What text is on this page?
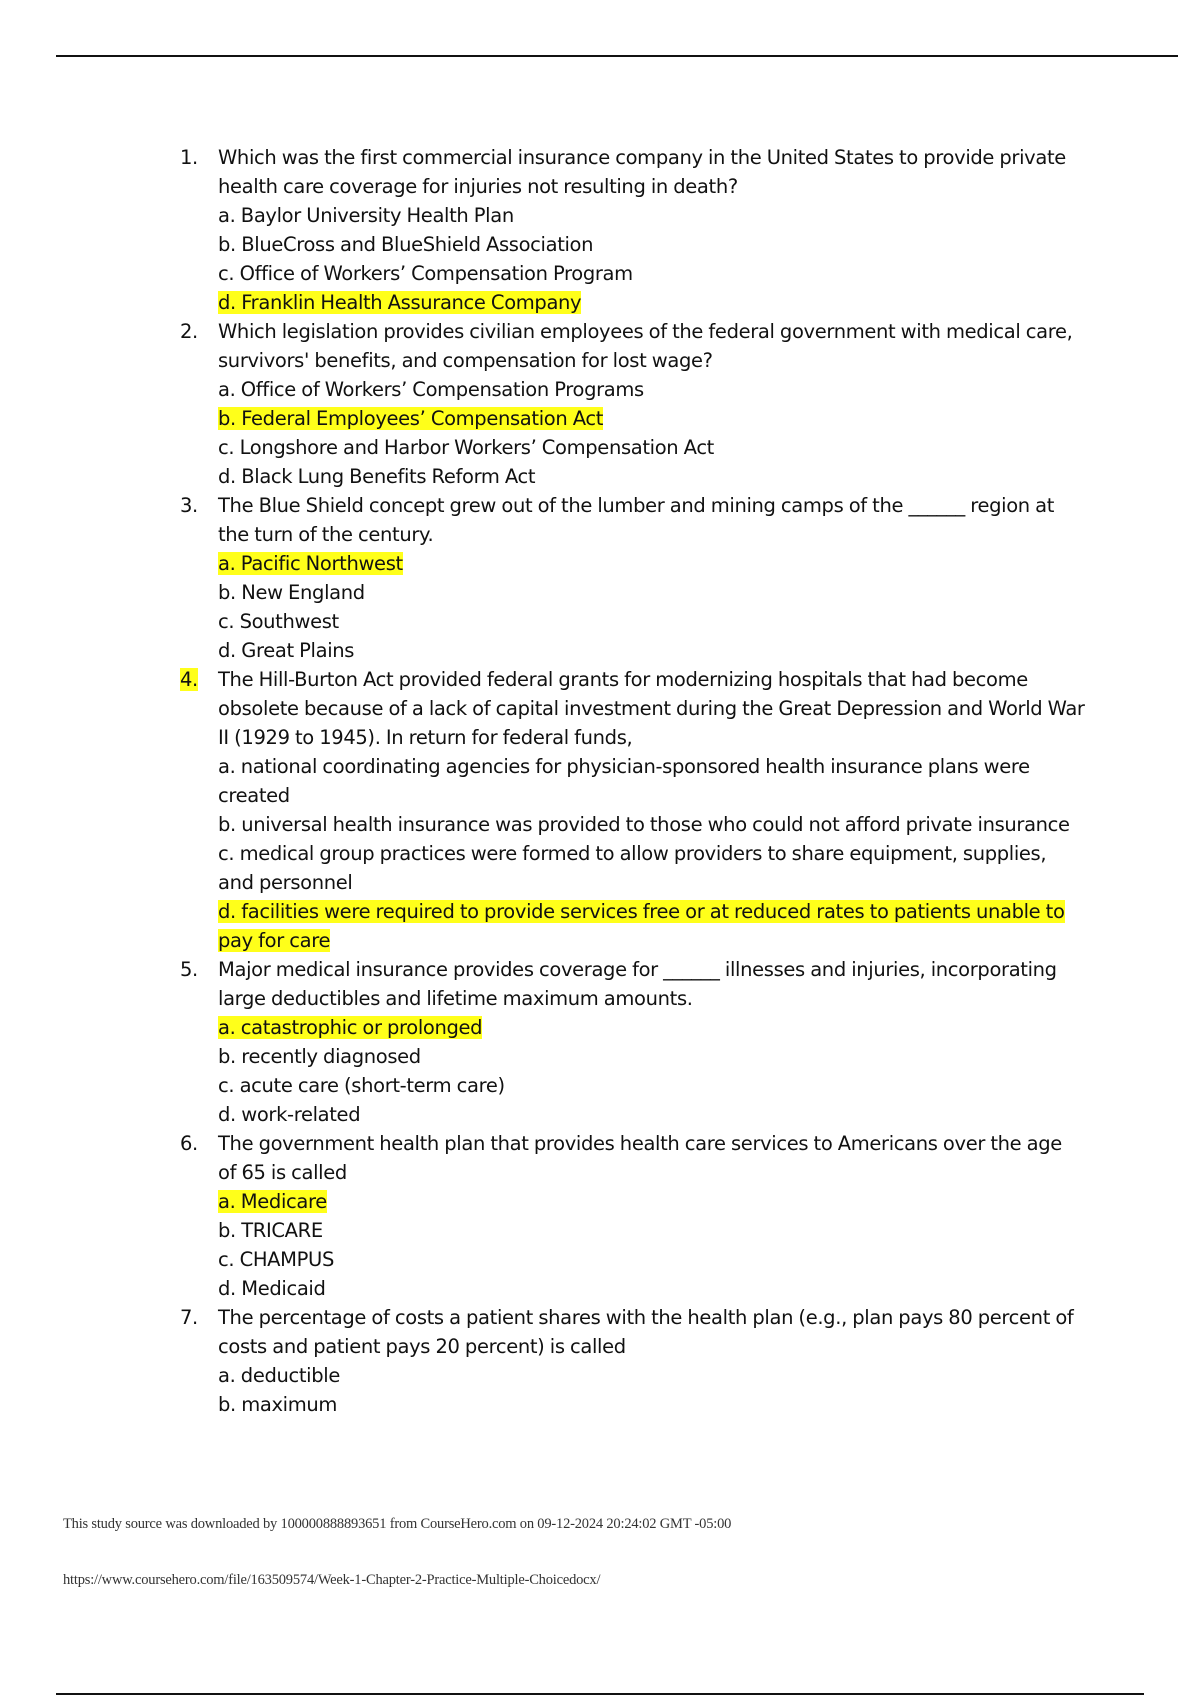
1.	Which was the first commercial insurance company in the United States to provide private health care coverage for injuries not resulting in death?
a. Baylor University Health Plan
b. BlueCross and BlueShield Association
c. Office of Workers’ Compensation Program
d. Franklin Health Assurance Company
2.	Which legislation provides civilian employees of the federal government with medical care, survivors' benefits, and compensation for lost wage?
a. Office of Workers’ Compensation Programs
b. Federal Employees’ Compensation Act
c. Longshore and Harbor Workers’ Compensation Act
d. Black Lung Benefits Reform Act
3.	The Blue Shield concept grew out of the lumber and mining camps of the ______ region at the turn of the century.
a. Pacific Northwest
b. New England
c. Southwest
d. Great Plains
4.	The Hill-Burton Act provided federal grants for modernizing hospitals that had become obsolete because of a lack of capital investment during the Great Depression and World War II (1929 to 1945). In return for federal funds,
a. national coordinating agencies for physician-sponsored health insurance plans were created
b. universal health insurance was provided to those who could not afford private insurance
c. medical group practices were formed to allow providers to share equipment, supplies, and personnel
d. facilities were required to provide services free or at reduced rates to patients unable to pay for care
5.	Major medical insurance provides coverage for ______ illnesses and injuries, incorporating large deductibles and lifetime maximum amounts.
a. catastrophic or prolonged
b. recently diagnosed
c. acute care (short-term care)
d. work-related
6.	The government health plan that provides health care services to Americans over the age of 65 is called
a. Medicare
b. TRICARE
c. CHAMPUS
d. Medicaid
7.	The percentage of costs a patient shares with the health plan (e.g., plan pays 80 percent of costs and patient pays 20 percent) is called
a. deductible
b. maximum
This study source was downloaded by 100000888893651 from CourseHero.com on 09-12-2024 20:24:02 GMT -05:00
https://www.coursehero.com/file/163509574/Week-1-Chapter-2-Practice-Multiple-Choicedocx/
